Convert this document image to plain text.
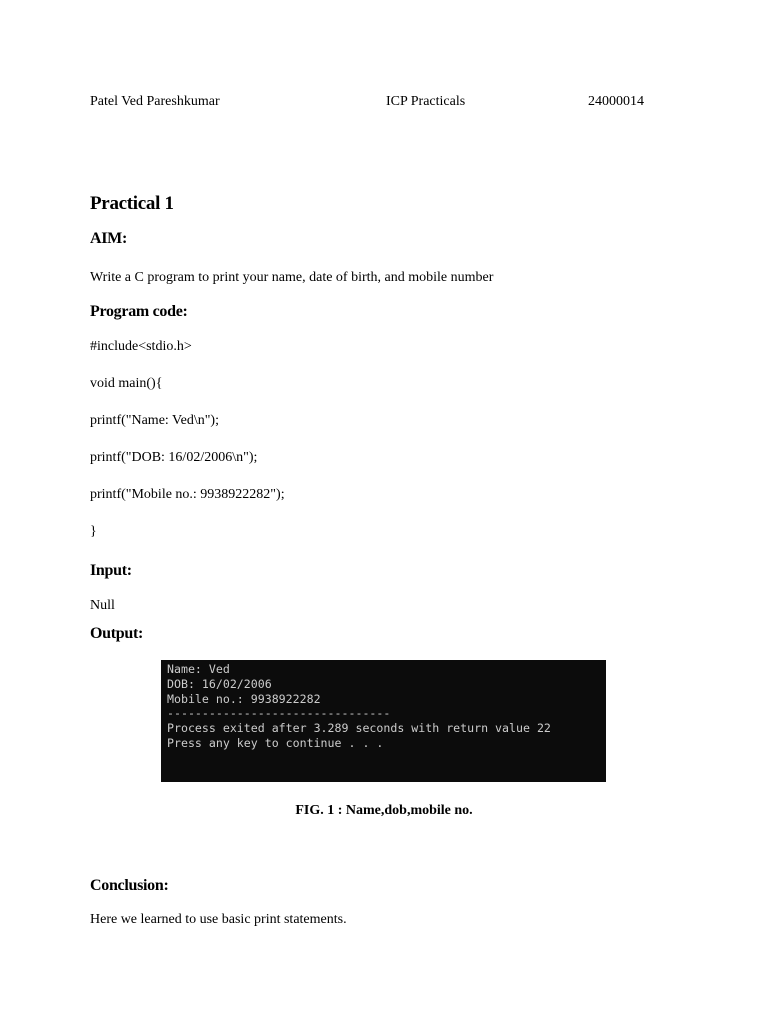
Patel Ved Pareshkumar	ICP Practicals	24000014
Practical 1
AIM:
Write a C program to print your name, date of birth, and mobile number
Program code:
#include<stdio.h>
void main(){
printf("Name: Ved\n");
printf("DOB: 16/02/2006\n");
printf("Mobile no.: 9938922282");
}
Input:
Null
Output:
Name: Ved
DOB: 16/02/2006
Mobile no.: 9938922282
--------------------------------
Process exited after 3.289 seconds with return value 22
Press any key to continue . . .
FIG. 1 : Name,dob,mobile no.
Conclusion:
Here we learned to use basic print statements.
